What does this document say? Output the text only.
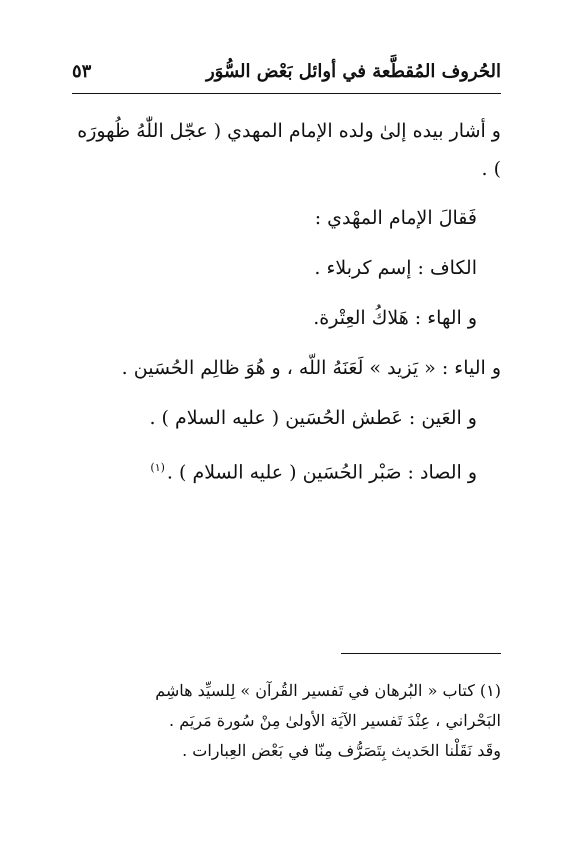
الحُروف المُقطَّعة في أوائل بَعْض السُّوَر
٥٣

و أشار بيده إلىٰ ولده الإمام المهدي ( عجّل اللّٰهُ ظُهورَه ) .

فَقالَ الإمام المهْدي :

الكاف : إسم كربلاء .

و الهاء : هَلاكُ العِتْرة.

و الياء : « يَزيد » لَعَنَهُ اللّه ، و هُوَ ظالِم الحُسَين .

و العَين : عَطش الحُسَين ( عليه السلام ) .

و الصاد : صَبْر الحُسَين ( عليه السلام ) .$^{(١)}$

(١) كتاب « البُرهان في تَفسير القُرآن » لِلسيِّد هاشِم

البَحْراني ، عِنْدَ تَفسير الآيَة الأولىٰ مِنْ سُورة مَريَم .

وقَد نَقَلْنا الحَديث بِتَصَرُّف مِنّا في بَعْض العِبارات .
